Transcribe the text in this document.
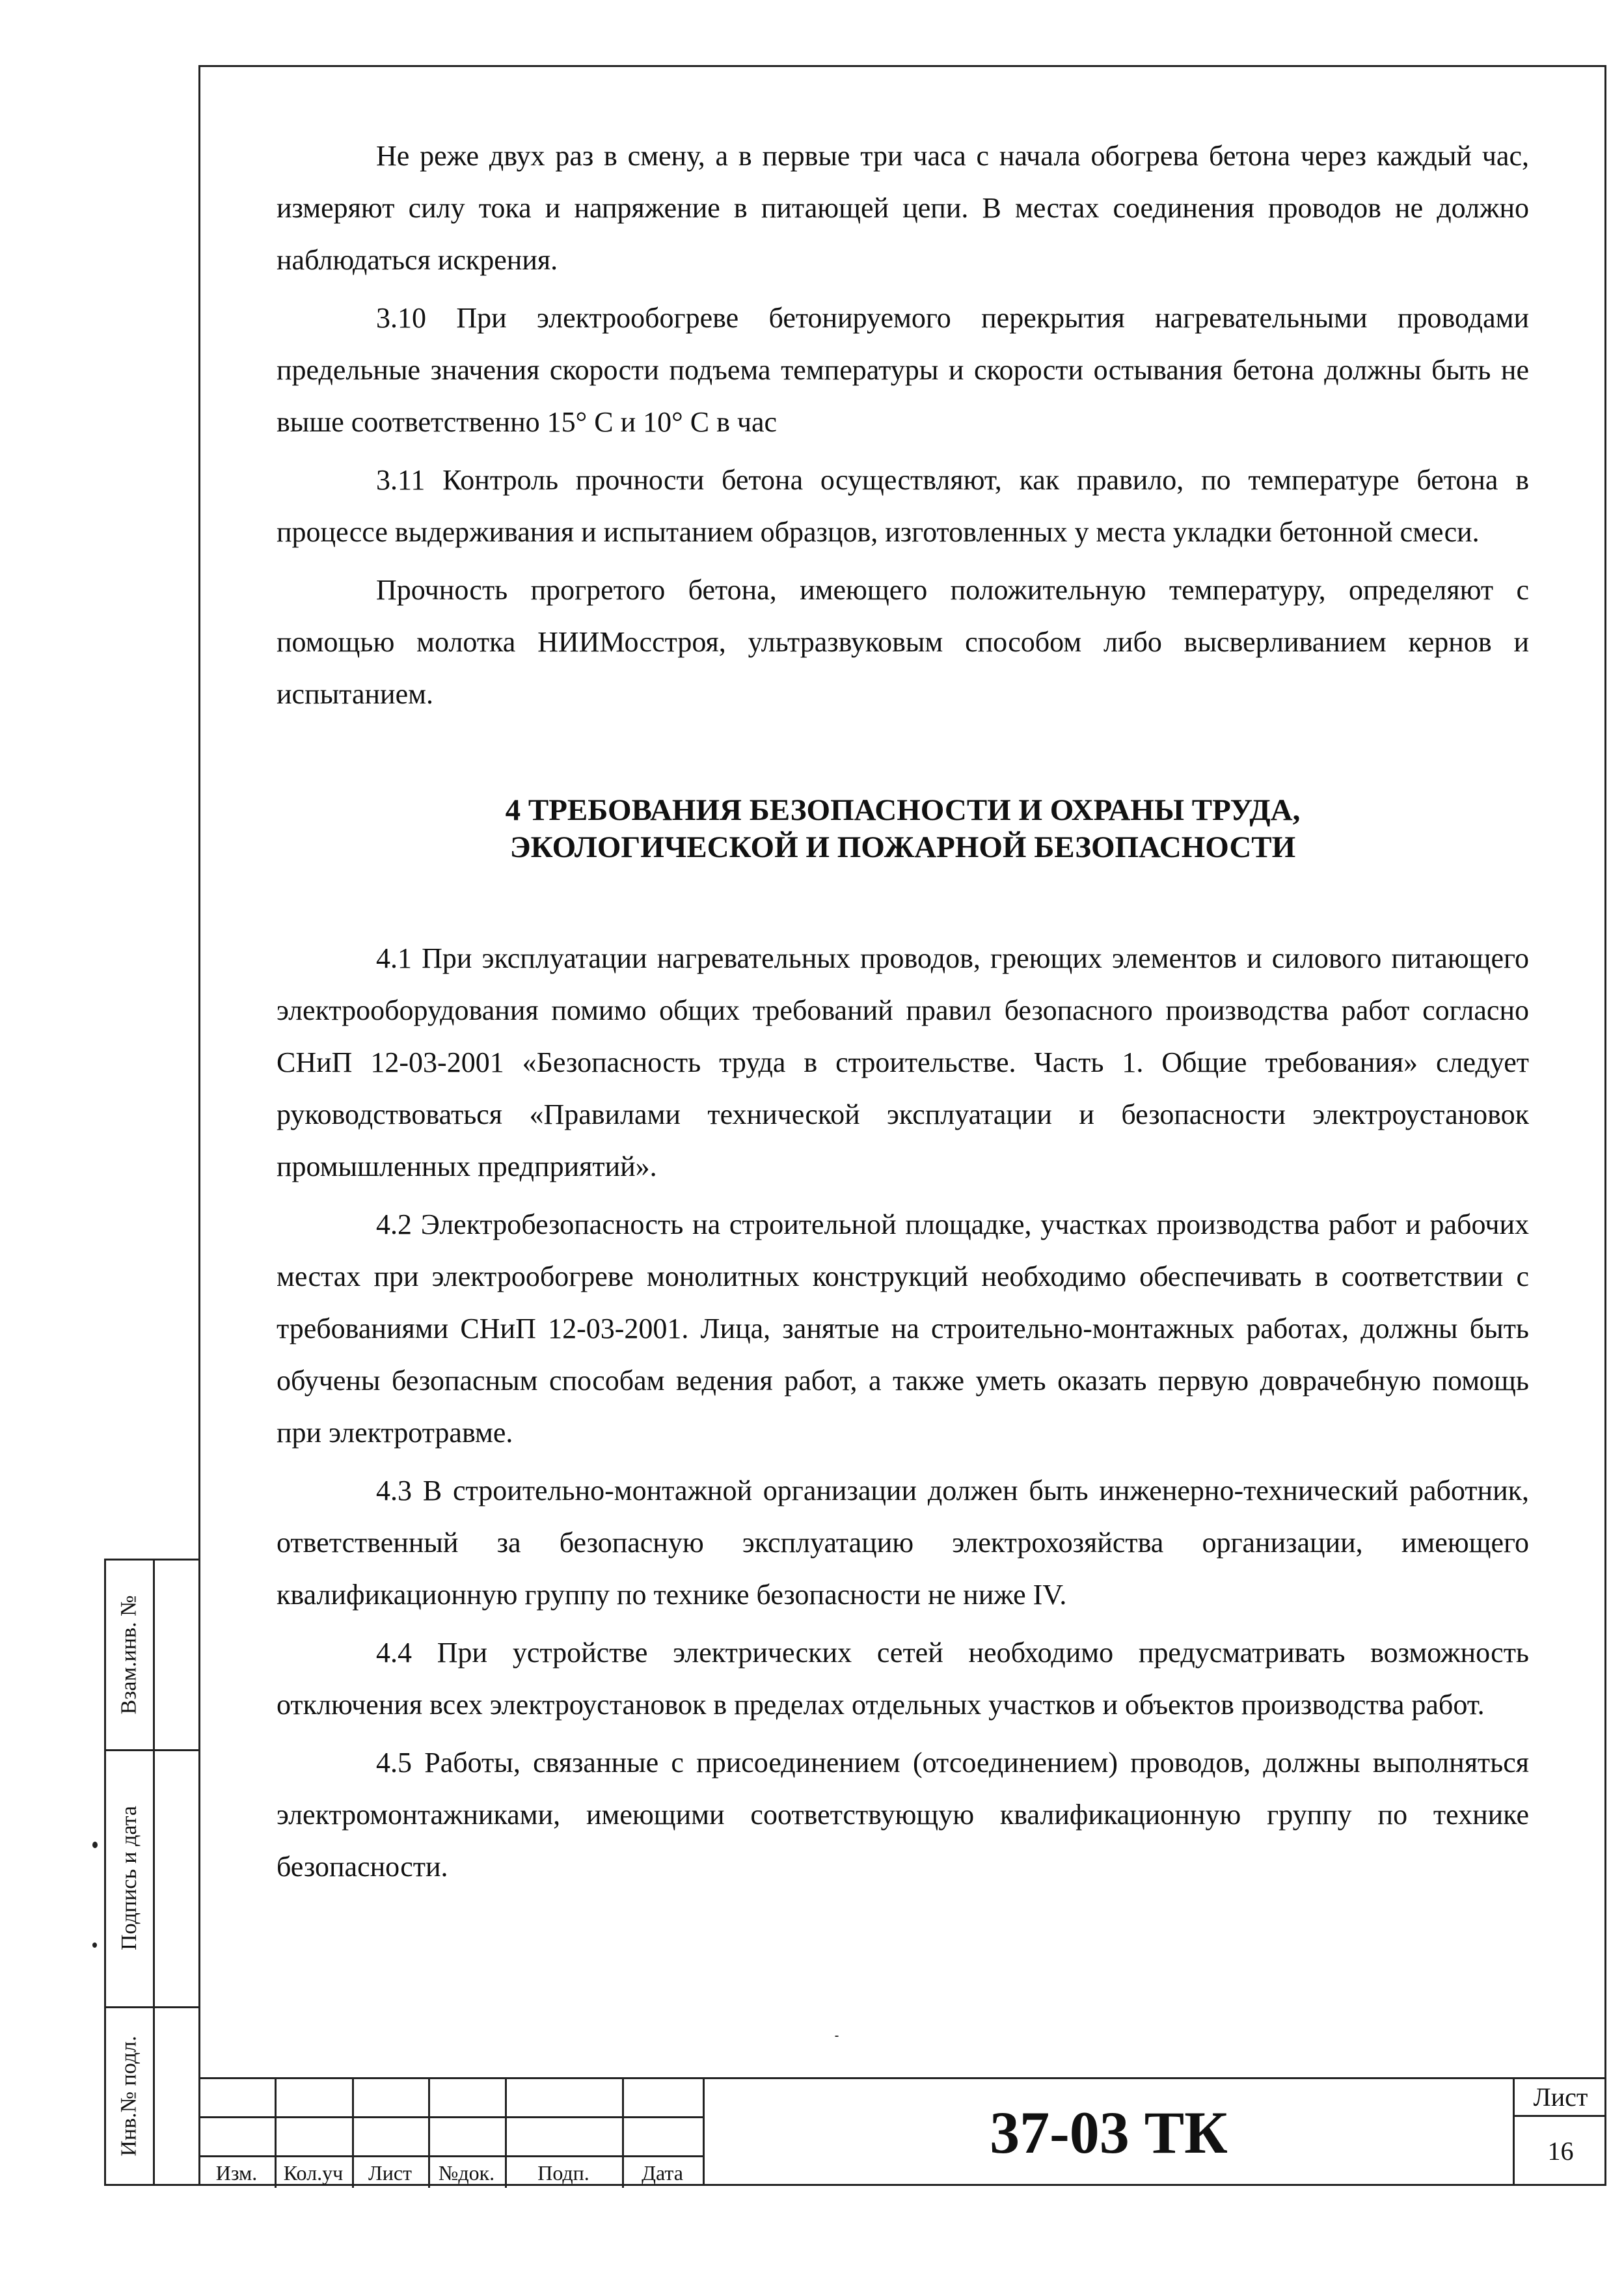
Не реже двух раз в смену, а в первые три часа с начала обогрева бетона через каждый час, измеряют силу тока и напряжение в питающей цепи. В местах соединения проводов не должно наблюдаться искрения.

3.10 При электрообогреве бетонируемого перекрытия нагревательными проводами предельные значения скорости подъема температуры и скорости остывания бетона должны быть не выше соответственно 15° С и 10° С в час

3.11 Контроль прочности бетона осуществляют, как правило, по температуре бетона в процессе выдерживания и испытанием образцов, изготовленных у места укладки бетонной смеси.

Прочность прогретого бетона, имеющего положительную температуру, определяют с помощью молотка НИИМосстроя, ультразвуковым способом либо высверливанием кернов и испытанием.

4 ТРЕБОВАНИЯ БЕЗОПАСНОСТИ И ОХРАНЫ ТРУДА,
ЭКОЛОГИЧЕСКОЙ И ПОЖАРНОЙ БЕЗОПАСНОСТИ

4.1 При эксплуатации нагревательных проводов, греющих элементов и силового питающего электрооборудования помимо общих требований правил безопасного производства работ согласно СНиП 12-03-2001 «Безопасность труда в строительстве. Часть 1. Общие требования» следует руководствоваться «Правилами технической эксплуатации и безопасности электроустановок промышленных предприятий».

4.2 Электробезопасность на строительной площадке, участках производства работ и рабочих местах при электрообогреве монолитных конструкций необходимо обеспечивать в соответствии с требованиями СНиП 12-03-2001. Лица, занятые на строительно-монтажных работах, должны быть обучены безопасным способам ведения работ, а также уметь оказать первую доврачебную помощь при электротравме.

4.3 В строительно-монтажной организации должен быть инженерно-технический работник, ответственный за безопасную эксплуатацию электрохозяйства организации, имеющего квалификационную группу по технике безопасности не ниже IV.

4.4 При устройстве электрических сетей необходимо предусматривать возможность отключения всех электроустановок в пределах отдельных участков и объектов производства работ.

4.5 Работы, связанные с присоединением (отсоединением) проводов, должны выполняться электромонтажниками, имеющими соответствующую квалификационную группу по технике безопасности.

Взам.инв. №
Подпись и дата
Инв.№ подл.
Изм.	Кол.уч	Лист	№док.	Подп.	Дата
37-03 ТК
Лист
16
